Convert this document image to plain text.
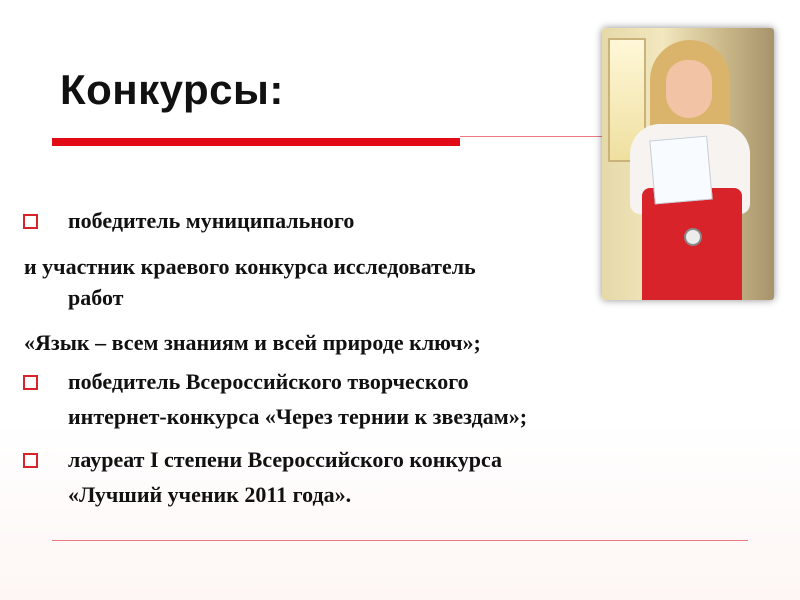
Конкурсы:
победитель муниципального
и участник краевого конкурса исследователь
работ
«Язык – всем знаниям и всей природе ключ»;
победитель Всероссийского творческого
интернет-конкурса «Через тернии к звездам»;
лауреат I степени Всероссийского конкурса
«Лучший ученик 2011 года».
